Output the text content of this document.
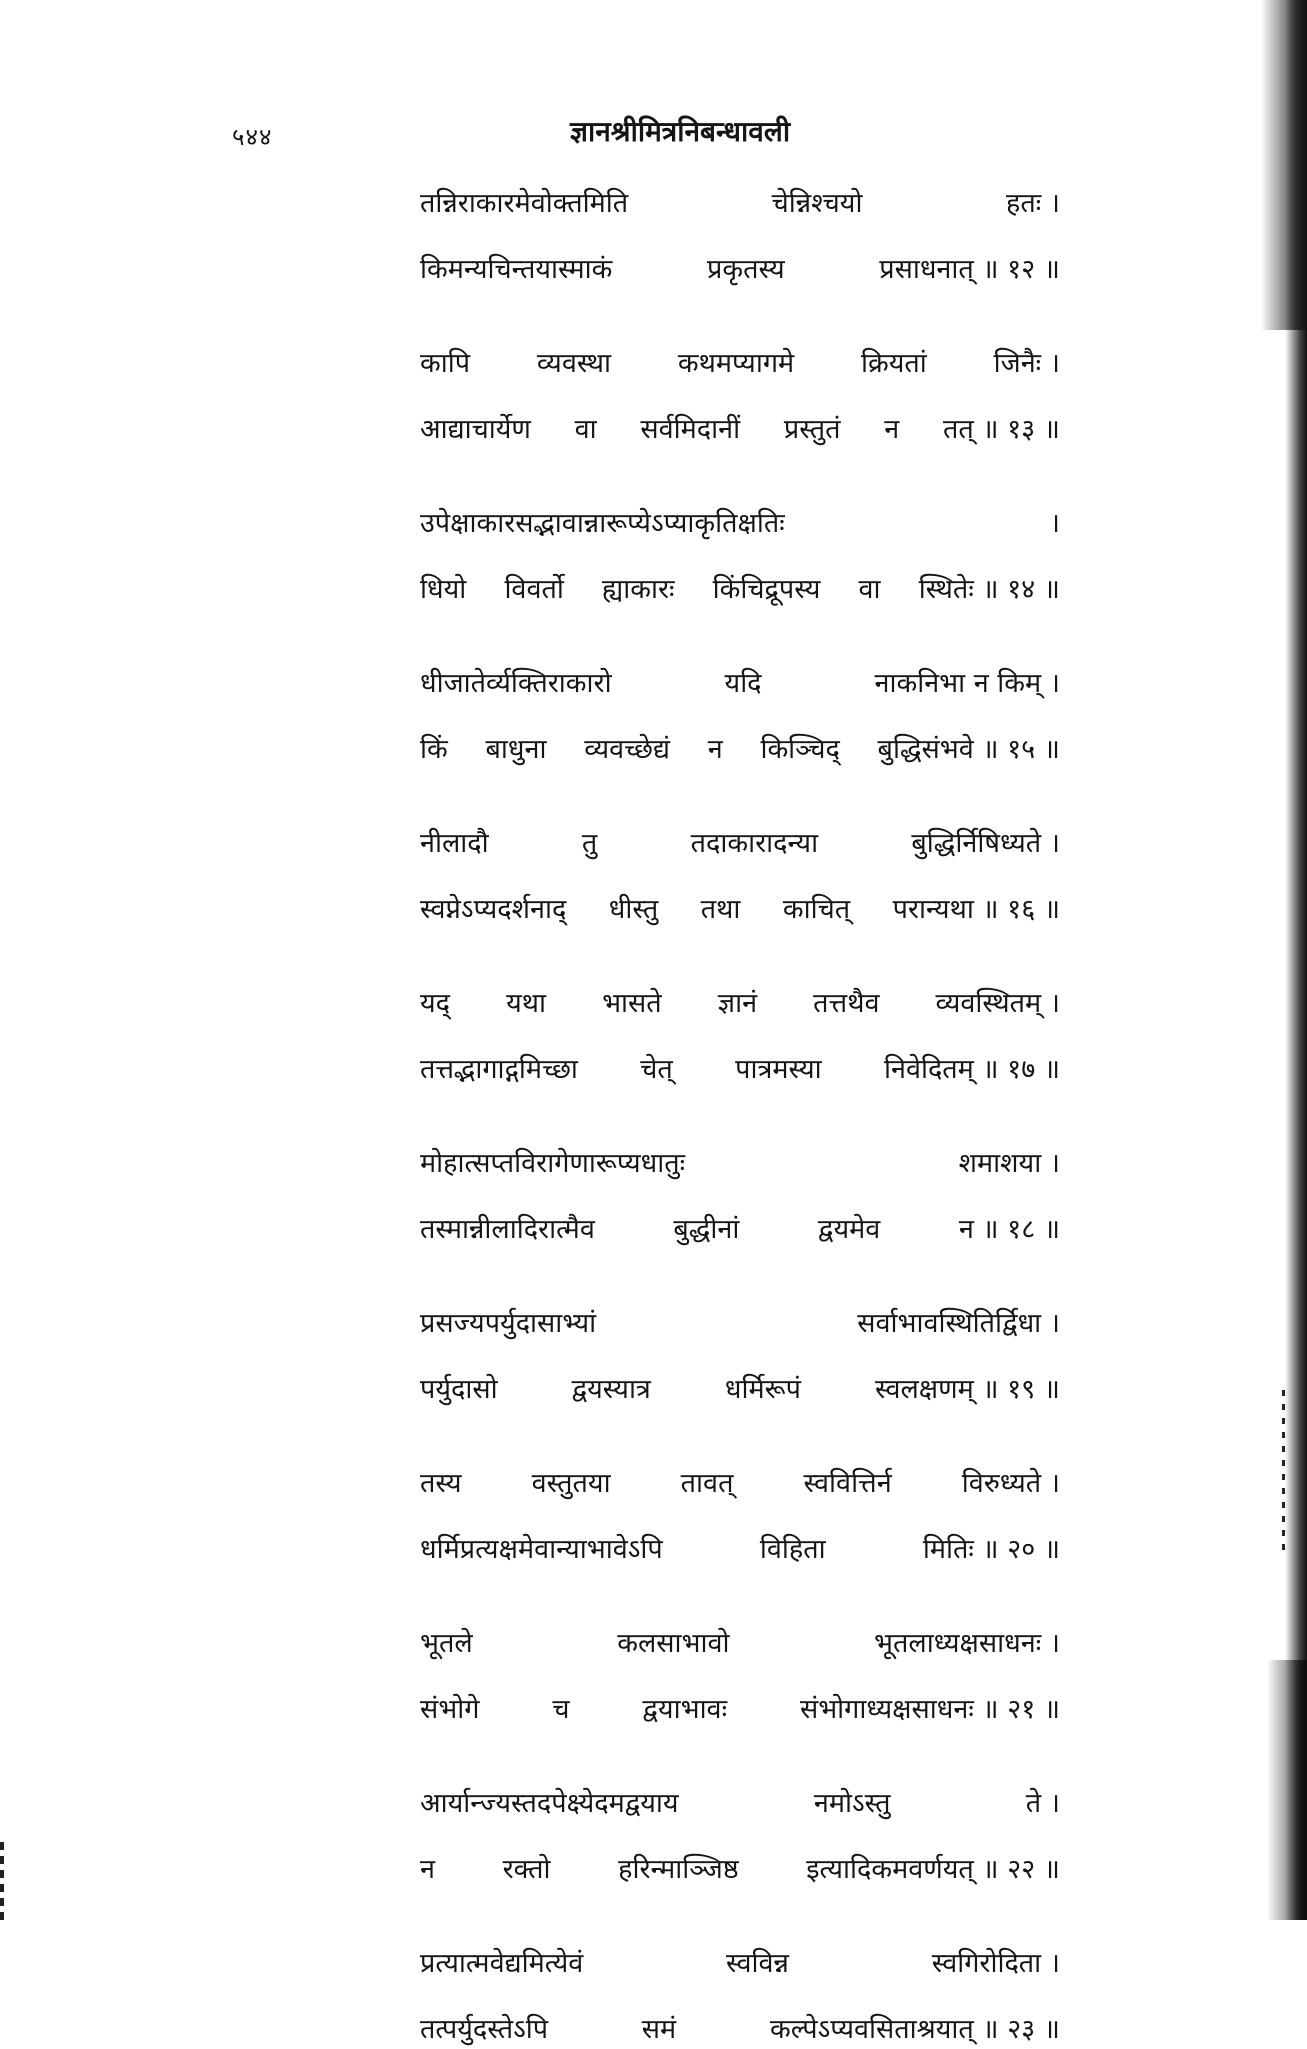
५४४	ज्ञानश्रीमित्रनिबन्धावली
तन्निराकारमेवोक्तमिति	चेन्निश्चयो	हतः ।
किमन्यचिन्तयास्माकं	प्रकृतस्य	प्रसाधनात् ॥ १२ ॥
कापि व्यवस्था कथमप्यागमे क्रियतां जिनैः ।
आद्याचार्येण वा सर्वमिदानीं प्रस्तुतं न तत् ॥ १३ ॥
उपेक्षाकारसद्भावान्नारूप्येऽप्याकृतिक्षतिः	।
धियो विवर्तो ह्याकारः किंचिद्रूपस्य वा स्थितेः ॥ १४ ॥
धीजातेर्व्यक्तिराकारो	यदि	नाकनिभा न किम् ।
किं बाधुना व्यवच्छेद्यं न किञ्चिद् बुद्धिसंभवे ॥ १५ ॥
नीलादौ	तु	तदाकारादन्या	बुद्धिर्निषिध्यते ।
स्वप्नेऽप्यदर्शनाद् धीस्तु तथा काचित् परान्यथा ॥ १६ ॥
यद् यथा भासते ज्ञानं तत्तथैव व्यवस्थितम् ।
तत्तद्भागाद्गमिच्छा चेत् पात्रमस्या निवेदितम् ॥ १७ ॥
मोहात्सप्तविरागेणारूप्यधातुः	शमाशया ।
तस्मान्नीलादिरात्मैव	बुद्धीनां	द्वयमेव	न ॥ १८ ॥
प्रसज्यपर्युदासाभ्यां	सर्वाभावस्थितिर्द्विधा ।
पर्युदासो	द्वयस्यात्र	धर्मिरूपं	स्वलक्षणम् ॥ १९ ॥
तस्य	वस्तुतया	तावत्	स्ववित्तिर्न	विरुध्यते ।
धर्मिप्रत्यक्षमेवान्याभावेऽपि	विहिता	मितिः ॥ २० ॥
भूतले	कलसाभावो	भूतलाध्यक्षसाधनः ।
संभोगे	च	द्वयाभावः	संभोगाध्यक्षसाधनः ॥ २१ ॥
आर्यान्ज्यस्तदपेक्ष्येदमद्वयाय	नमोऽस्तु	ते ।
न	रक्तो	हरिन्माञ्जिष्ठ	इत्यादिकमवर्णयत् ॥ २२ ॥
प्रत्यात्मवेद्यमित्येवं	स्वविन्न	स्वगिरोदिता ।
तत्पर्युदस्तेऽपि	समं	कल्पेऽप्यवसिताश्रयात् ॥ २३ ॥
